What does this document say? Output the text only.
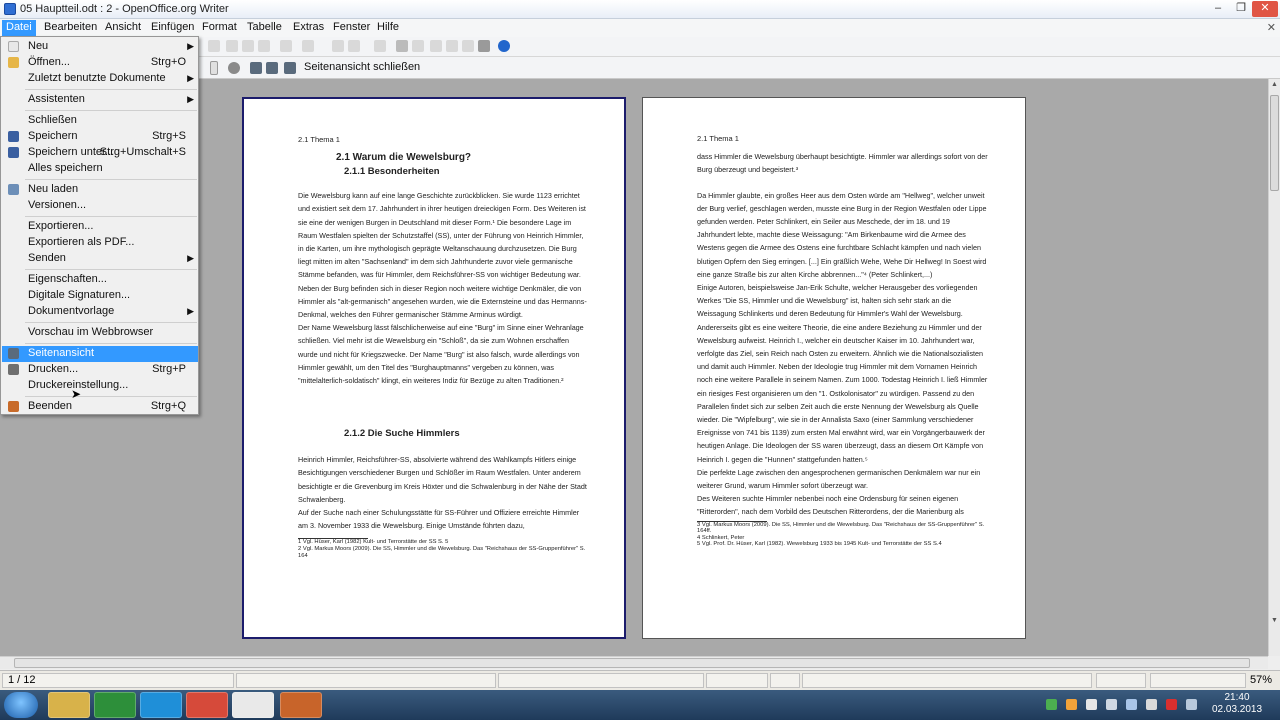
05 Hauptteil.odt : 2 - OpenOffice.org Writer	–	❐	✕
Datei	Bearbeiten Ansicht Einfügen Format Tabelle	Extras Fenster Hilfe	✕
Seitenansicht schließen
2.1 Thema 1
2.1 Warum die Wewelsburg?
2.1.1 Besonderheiten
Die Wewelsburg kann auf eine lange Geschichte zurückblicken. Sie wurde 1123 errichtet und existiert seit dem 17. Jahrhundert in ihrer heutigen dreieckigen Form. Des Weiteren ist sie eine der wenigen Burgen in Deutschland mit dieser Form.¹ Die besondere Lage im Raum Westfalen spielten der Schutzstaffel (SS), unter der Führung von Heinrich Himmler, in die Karten, um ihre mythologisch geprägte Weltanschauung durchzusetzen. Die Burg liegt mitten im alten "Sachsenland" im dem sich Jahrhunderte zuvor viele germanische Stämme befanden, was für Himmler, dem Reichsführer-SS von wichtiger Bedeutung war. Neben der Burg befinden sich in dieser Region noch weitere wichtige Denkmäler, die von Himmler als "alt-germanisch" angesehen wurden, wie die Externsteine und das Hermanns-Denkmal, welches den Führer germanischer Stämme Arminus würdigt.
Der Name Wewelsburg lässt fälschlicherweise auf eine "Burg" im Sinne einer Wehranlage schließen. Viel mehr ist die Wewelsburg ein "Schloß", da sie zum Wohnen erschaffen wurde und nicht für Kriegszwecke. Der Name "Burg" ist also falsch, wurde allerdings von Himmler gewählt, um den Titel des "Burghauptmanns" vergeben zu können, was "mittelalterlich-soldatisch" klingt, ein weiteres Indiz für Bezüge zu alten Traditionen.²
2.1.2 Die Suche Himmlers
Heinrich Himmler, Reichsführer-SS, absolvierte während des Wahlkampfs Hitlers einige Besichtigungen verschiedener Burgen und Schlößer im Raum Westfalen. Unter anderem besichtigte er die Grevenburg im Kreis Höxter und die Schwalenburg in der Nähe der Stadt Schwalenberg.
Auf der Suche nach einer Schulungsstätte für SS-Führer und Offiziere erreichte Himmler am 3. November 1933 die Wewelsburg. Einige Umstände führten dazu,
1 Vgl. Hüser, Karl (1982) Kult- und Terrorstätte der SS S. 5
2 Vgl. Markus Moors (2009). Die SS, Himmler und die Wewelsburg. Das "Reichshaus der SS-Gruppenführer" S. 164
2.1 Thema 1
dass Himmler die Wewelsburg überhaupt besichtigte. Himmler war allerdings sofort von der Burg überzeugt und begeistert.³
Da Himmler glaubte, ein großes Heer aus dem Osten würde am "Hellweg", welcher unweit der Burg verlief, geschlagen werden, musste eine Burg in der Region Westfalen oder Lippe gefunden werden. Peter Schlinkert, ein Seiler aus Meschede, der im 18. und 19 Jahrhundert lebte, machte diese Weissagung: "Am Birkenbaume wird die Armee des Westens gegen die Armee des Ostens eine furchtbare Schlacht kämpfen und nach vielen blutigen Opfern den Sieg erringen. [...] Ein gräßlich Wehe, Wehe Dir Hellweg! In Soest wird eine ganze Straße bis zur alten Kirche abbrennen..."⁴ (Peter Schlinkert,...)
Einige Autoren, beispielsweise Jan-Erik Schulte, welcher Herausgeber des vorliegenden Werkes "Die SS, Himmler und die Wewelsburg" ist, halten sich sehr stark an die Weissagung Schlinkerts und deren Bedeutung für Himmler's Wahl der Wewelsburg.
Andererseits gibt es eine weitere Theorie, die eine andere Beziehung zu Himmler und der Wewelsburg aufweist. Heinrich I., welcher ein deutscher Kaiser im 10. Jahrhundert war, verfolgte das Ziel, sein Reich nach Osten zu erweitern. Ähnlich wie die Nationalsozialisten und damit auch Himmler. Neben der Ideologie trug Himmler mit dem Vornamen Heinrich noch eine weitere Parallele in seinem Namen. Zum 1000. Todestag Heinrich I. ließ Himmler ein riesiges Fest organisieren um den "1. Ostkolonisator" zu würdigen. Passend zu den Parallelen findet sich zur selben Zeit auch die erste Nennung der Wewelsburg als Quelle wieder. Die "Wipfelburg", wie sie in der Annalista Saxo (einer Sammlung verschiedener Ereignisse von 741 bis 1139) zum ersten Mal erwähnt wird, war ein Vorgängerbauwerk der heutigen Anlage. Die Ideologen der SS waren überzeugt, dass an diesem Ort Kämpfe von Heinrich I. gegen die "Hunnen" stattgefunden hatten.⁵
Die perfekte Lage zwischen den angesprochenen germanischen Denkmälern war nur ein weiterer Grund, warum Himmler sofort überzeugt war.
Des Weiteren suchte Himmler nebenbei noch eine Ordensburg für seinen eigenen "Ritterorden", nach dem Vorbild des Deutschen Ritterordens, der die Marienburg als
3 Vgl. Markus Moors (2009). Die SS, Himmler und die Wewelsburg. Das "Reichshaus der SS-Gruppenführer" S. 164ff.
4 Schlinkert, Peter
5 Vgl. Prof. Dr. Hüser, Karl (1982). Wewelsburg 1933 bis 1945 Kult- und Terrorstätte der SS S.4
▲
▼
1 / 12	57%
21:40
02.03.2013
Neu	▶
Öffnen...	Strg+O
Zuletzt benutzte Dokumente ▶
Assistenten	▶
Schließen
Speichern	Strg+S
Speichern unter...
Strg+Umschalt+S
Alles speichern
Neu laden
Versionen...
Exportieren...
Exportieren als PDF...
Senden	▶
Eigenschaften...
Digitale Signaturen...
Dokumentvorlage	▶
Vorschau im Webbrowser
Seitenansicht
Drucken...	Strg+P
Druckereinstellung...
Beenden	Strg+Q
➤
